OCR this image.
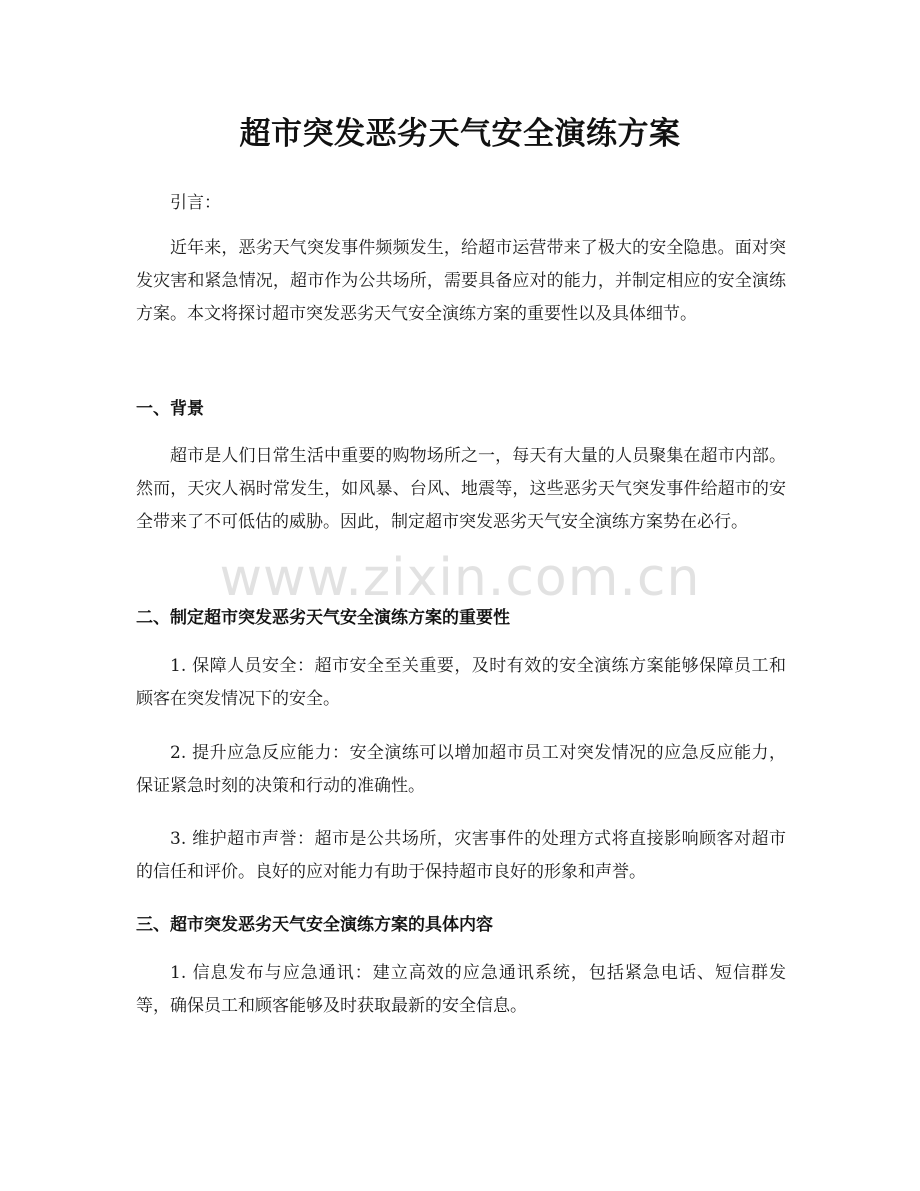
超市突发恶劣天气安全演练方案

引言：

近年来，恶劣天气突发事件频频发生，给超市运营带来了极大的安全隐患。面对突发灾害和紧急情况，超市作为公共场所，需要具备应对的能力，并制定相应的安全演练方案。本文将探讨超市突发恶劣天气安全演练方案的重要性以及具体细节。

一、背景

超市是人们日常生活中重要的购物场所之一，每天有大量的人员聚集在超市内部。然而，天灾人祸时常发生，如风暴、台风、地震等，这些恶劣天气突发事件给超市的安全带来了不可低估的威胁。因此，制定超市突发恶劣天气安全演练方案势在必行。

二、制定超市突发恶劣天气安全演练方案的重要性

1. 保障人员安全：超市安全至关重要，及时有效的安全演练方案能够保障员工和顾客在突发情况下的安全。

2. 提升应急反应能力：安全演练可以增加超市员工对突发情况的应急反应能力，保证紧急时刻的决策和行动的准确性。

3. 维护超市声誉：超市是公共场所，灾害事件的处理方式将直接影响顾客对超市的信任和评价。良好的应对能力有助于保持超市良好的形象和声誉。

三、超市突发恶劣天气安全演练方案的具体内容

1. 信息发布与应急通讯：建立高效的应急通讯系统，包括紧急电话、短信群发等，确保员工和顾客能够及时获取最新的安全信息。

www.zixin.com.cn
